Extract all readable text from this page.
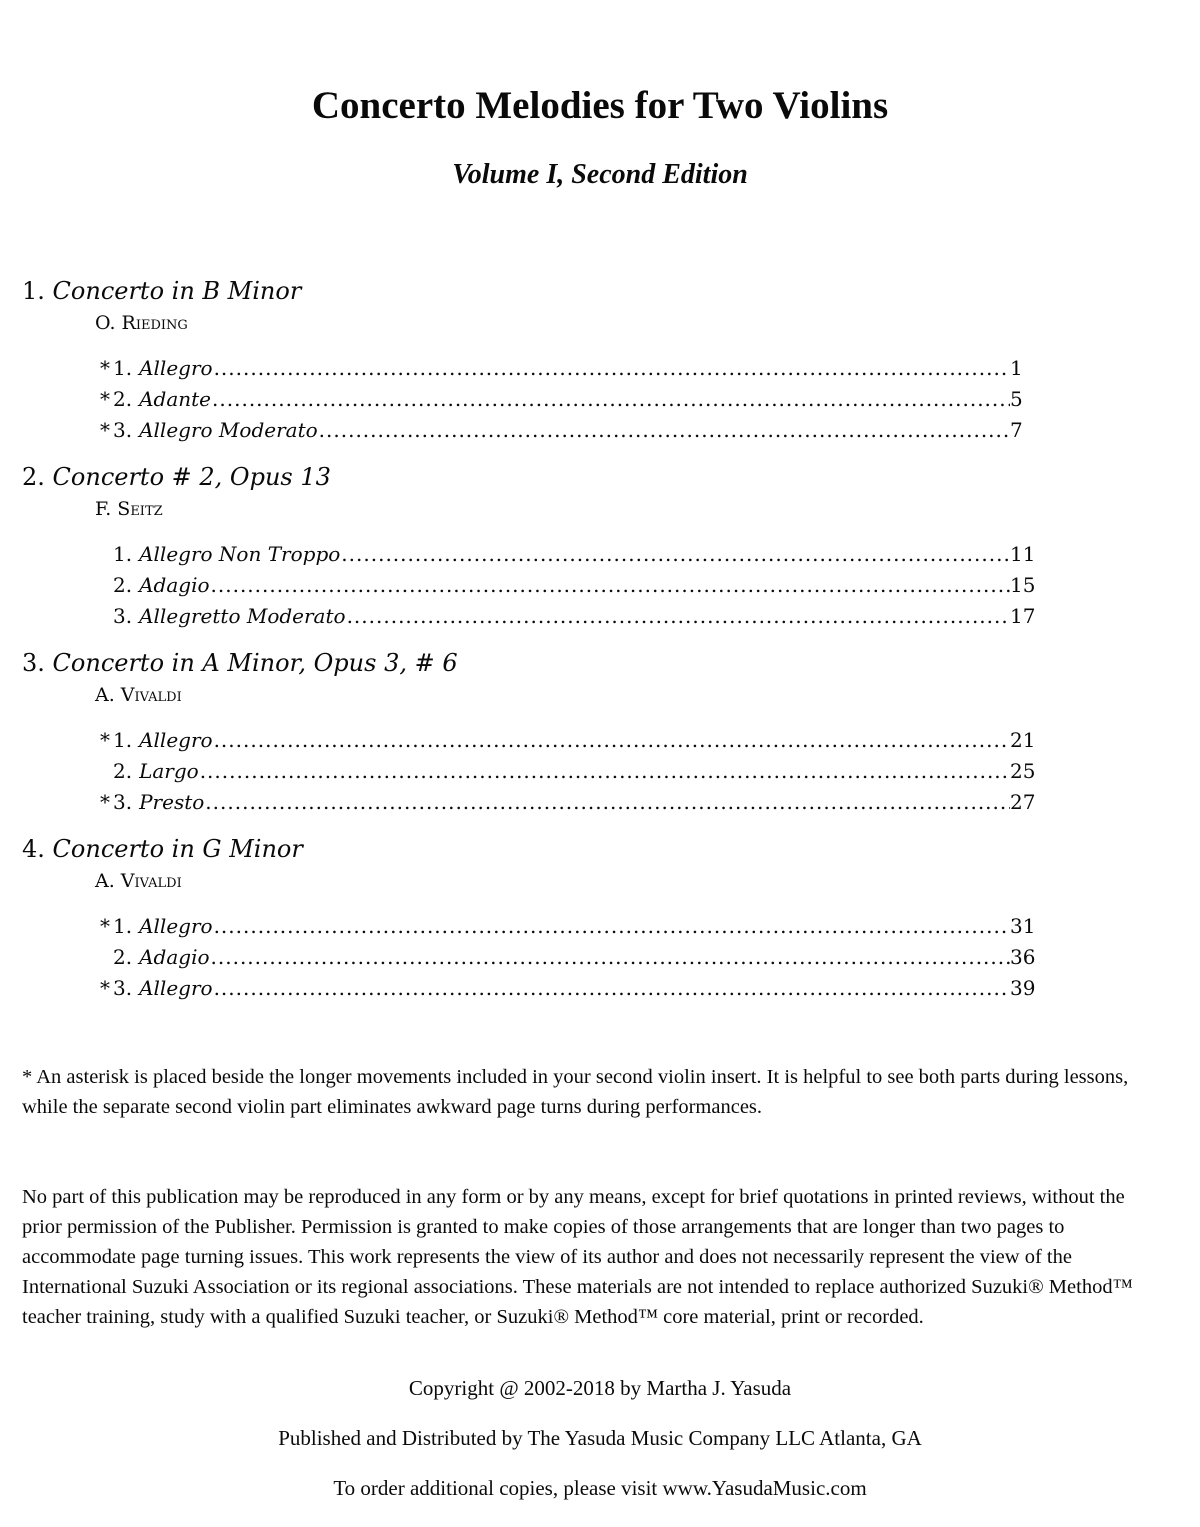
Concerto Melodies for Two Violins
Volume I, Second Edition
1. Concerto in B Minor
O. Rieding
* 1. Allegro .....	1
* 2. Adante .....	5
* 3. Allegro Moderato .....	7
2. Concerto # 2, Opus 13
F. Seitz
1. Allegro Non Troppo .....	11
2. Adagio .....	15
3. Allegretto Moderato .....	17
3. Concerto in A Minor, Opus 3, # 6
A. Vivaldi
* 1. Allegro .....	21
2. Largo .....	25
* 3. Presto .....	27
4. Concerto in G Minor
A. Vivaldi
* 1. Allegro .....	31
2. Adagio .....	36
* 3. Allegro .....	39

* An asterisk is placed beside the longer movements included in your second violin insert. It is helpful to see both parts during lessons, while the separate second violin part eliminates awkward page turns during performances.

No part of this publication may be reproduced in any form or by any means, except for brief quotations in printed reviews, without the prior permission of the Publisher. Permission is granted to make copies of those arrangements that are longer than two pages to accommodate page turning issues. This work represents the view of its author and does not necessarily represent the view of the International Suzuki Association or its regional associations. These materials are not intended to replace authorized Suzuki® Method™ teacher training, study with a qualified Suzuki teacher, or Suzuki® Method™ core material, print or recorded.

Copyright @ 2002-2018 by Martha J. Yasuda

Published and Distributed by The Yasuda Music Company LLC Atlanta, GA

To order additional copies, please visit www.YasudaMusic.com
